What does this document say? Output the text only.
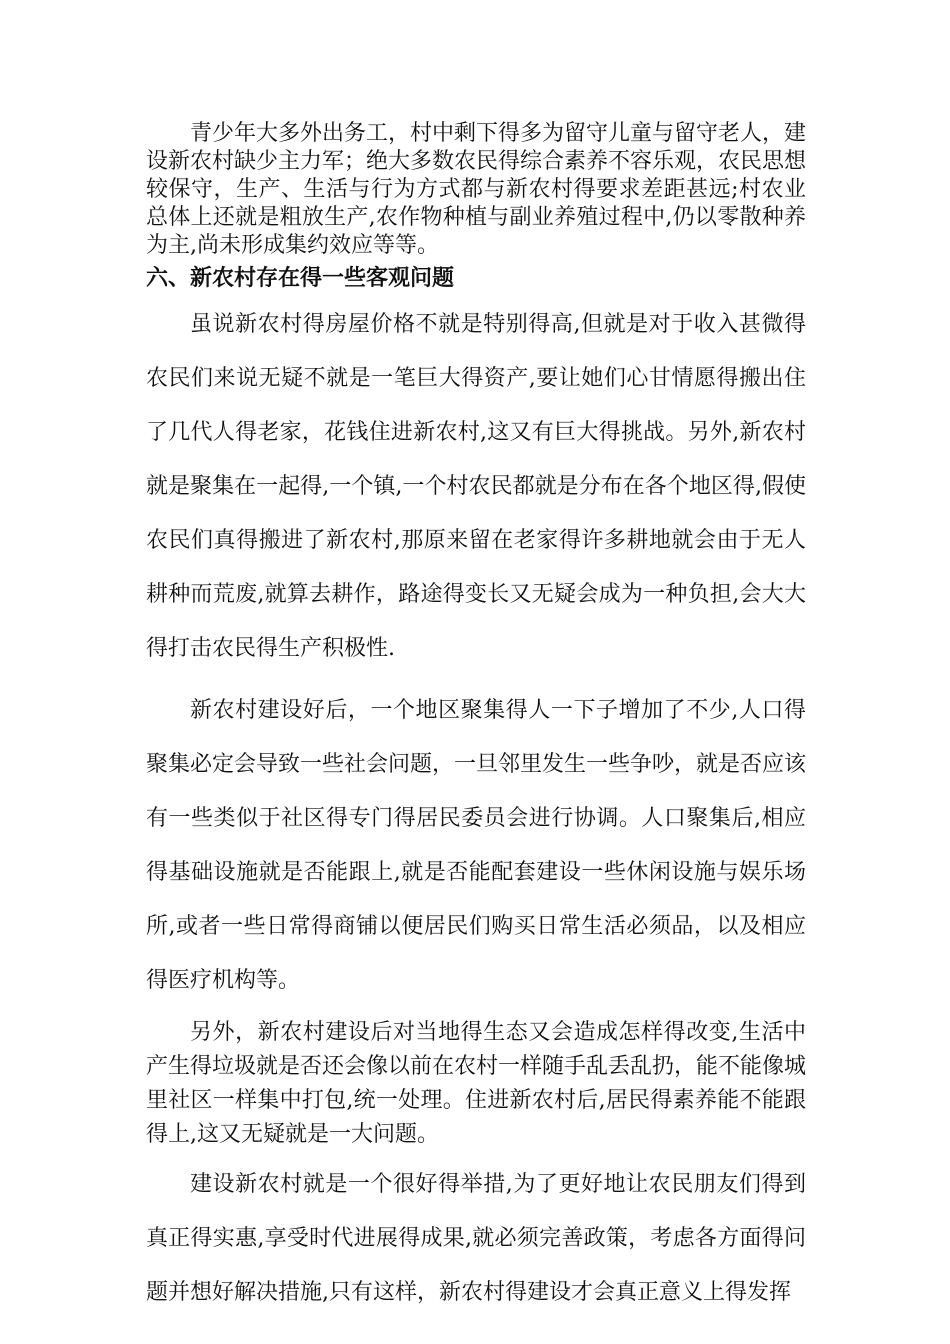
青少年大多外出务工，村中剩下得多为留守儿童与留守老人，建设新农村缺少主力军；绝大多数农民得综合素养不容乐观，农民思想较保守，生产、生活与行为方式都与新农村得要求差距甚远;村农业总体上还就是粗放生产,农作物种植与副业养殖过程中,仍以零散种养为主,尚未形成集约效应等等。

六、新农村存在得一些客观问题

虽说新农村得房屋价格不就是特别得高,但就是对于收入甚微得农民们来说无疑不就是一笔巨大得资产,要让她们心甘情愿得搬出住了几代人得老家，花钱住进新农村,这又有巨大得挑战。另外,新农村就是聚集在一起得,一个镇,一个村农民都就是分布在各个地区得,假使农民们真得搬进了新农村,那原来留在老家得许多耕地就会由于无人耕种而荒废,就算去耕作，路途得变长又无疑会成为一种负担,会大大得打击农民得生产积极性.

新农村建设好后，一个地区聚集得人一下子增加了不少,人口得聚集必定会导致一些社会问题，一旦邻里发生一些争吵，就是否应该有一些类似于社区得专门得居民委员会进行协调。人口聚集后,相应得基础设施就是否能跟上,就是否能配套建设一些休闲设施与娱乐场所,或者一些日常得商铺以便居民们购买日常生活必须品，以及相应得医疗机构等。

另外，新农村建设后对当地得生态又会造成怎样得改变,生活中产生得垃圾就是否还会像以前在农村一样随手乱丢乱扔，能不能像城里社区一样集中打包,统一处理。住进新农村后,居民得素养能不能跟得上,这又无疑就是一大问题。

建设新农村就是一个很好得举措,为了更好地让农民朋友们得到真正得实惠,享受时代进展得成果,就必须完善政策，考虑各方面得问题并想好解决措施,只有这样，新农村得建设才会真正意义上得发挥
